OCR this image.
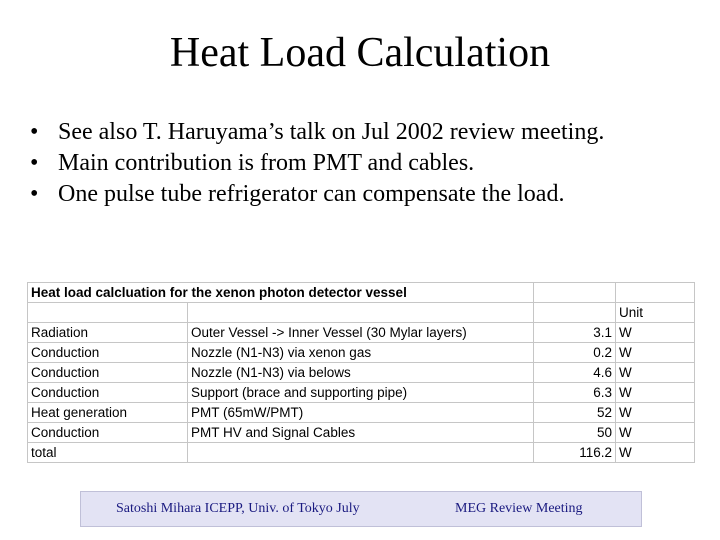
Heat Load Calculation

• See also T. Haruyama’s talk on Jul 2002 review meeting.

• Main contribution is from PMT and cables.

• One pulse tube refrigerator can compensate the load.

Heat load calcluation for the xenon photon detector vessel			
			Unit
Radiation	Outer Vessel -> Inner Vessel (30 Mylar layers)	3.1	W
Conduction	Nozzle (N1-N3) via xenon gas	0.2	W
Conduction	Nozzle (N1-N3) via belows	4.6	W
Conduction	Support (brace and supporting pipe)	6.3	W
Heat generation	PMT (65mW/PMT)	52	W
Conduction	PMT HV and Signal Cables	50	W
total		116.2	W
Satoshi Mihara ICEPP, Univ. of Tokyo July	MEG Review Meeting
